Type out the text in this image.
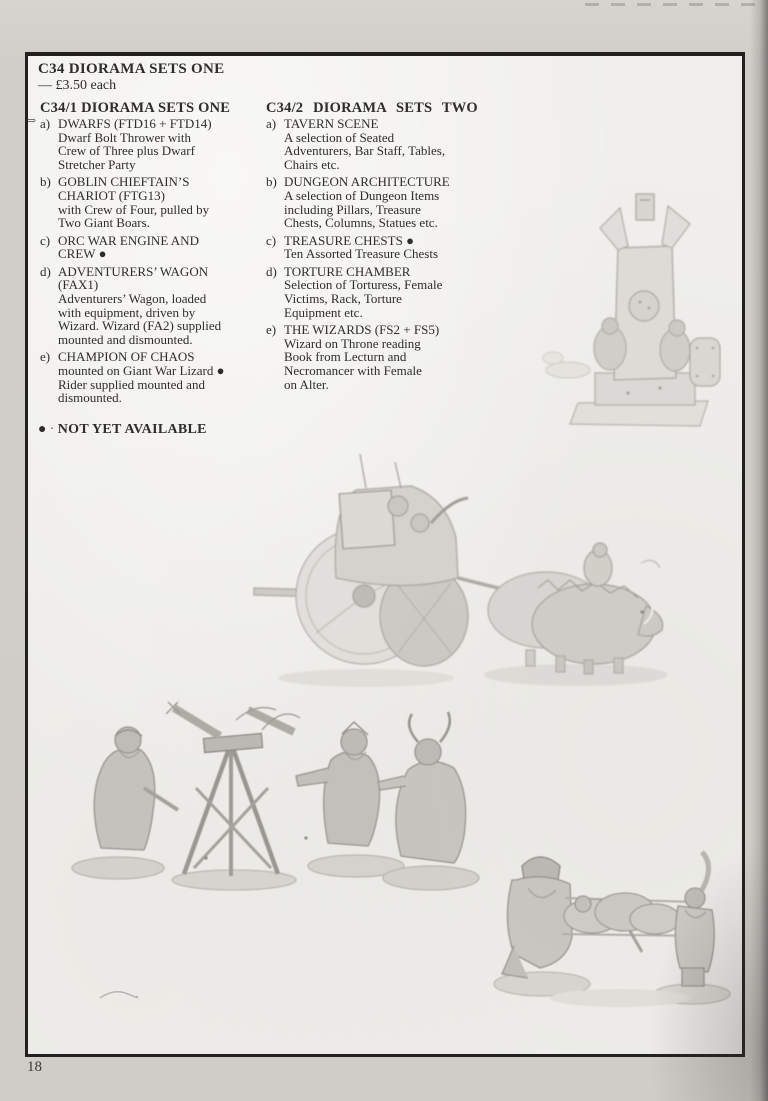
C34 DIORAMA SETS ONE
— £3.50 each
⇒
C34/1 DIORAMA SETS ONE
a) DWARFS (FTD16 + FTD14)
Dwarf Bolt Thrower with
Crew of Three plus Dwarf
Stretcher Party
b) GOBLIN CHIEFTAIN’S
CHARIOT (FTG13)
with Crew of Four, pulled by
Two Giant Boars.
c) ORC WAR ENGINE AND
CREW ●
d) ADVENTURERS’ WAGON
(FAX1)
Adventurers’ Wagon, loaded
with equipment, driven by
Wizard. Wizard (FA2) supplied
mounted and dismounted.
e) CHAMPION OF CHAOS
mounted on Giant War Lizard ●
Rider supplied mounted and
dismounted.
C34/2 DIORAMA SETS TWO
a) TAVERN SCENE
A selection of Seated
Adventurers, Bar Staff, Tables,
Chairs etc.
b) DUNGEON ARCHITECTURE
A selection of Dungeon Items
including Pillars, Treasure
Chests, Columns, Statues etc.
c) TREASURE CHESTS ●
Ten Assorted Treasure Chests
d) TORTURE CHAMBER
Selection of Torturess, Female
Victims, Rack, Torture
Equipment etc.
e) THE WIZARDS (FS2 + FS5)
Wizard on Throne reading
Book from Lecturn and
Necromancer with Female
on Alter.
● · NOT YET AVAILABLE
18
